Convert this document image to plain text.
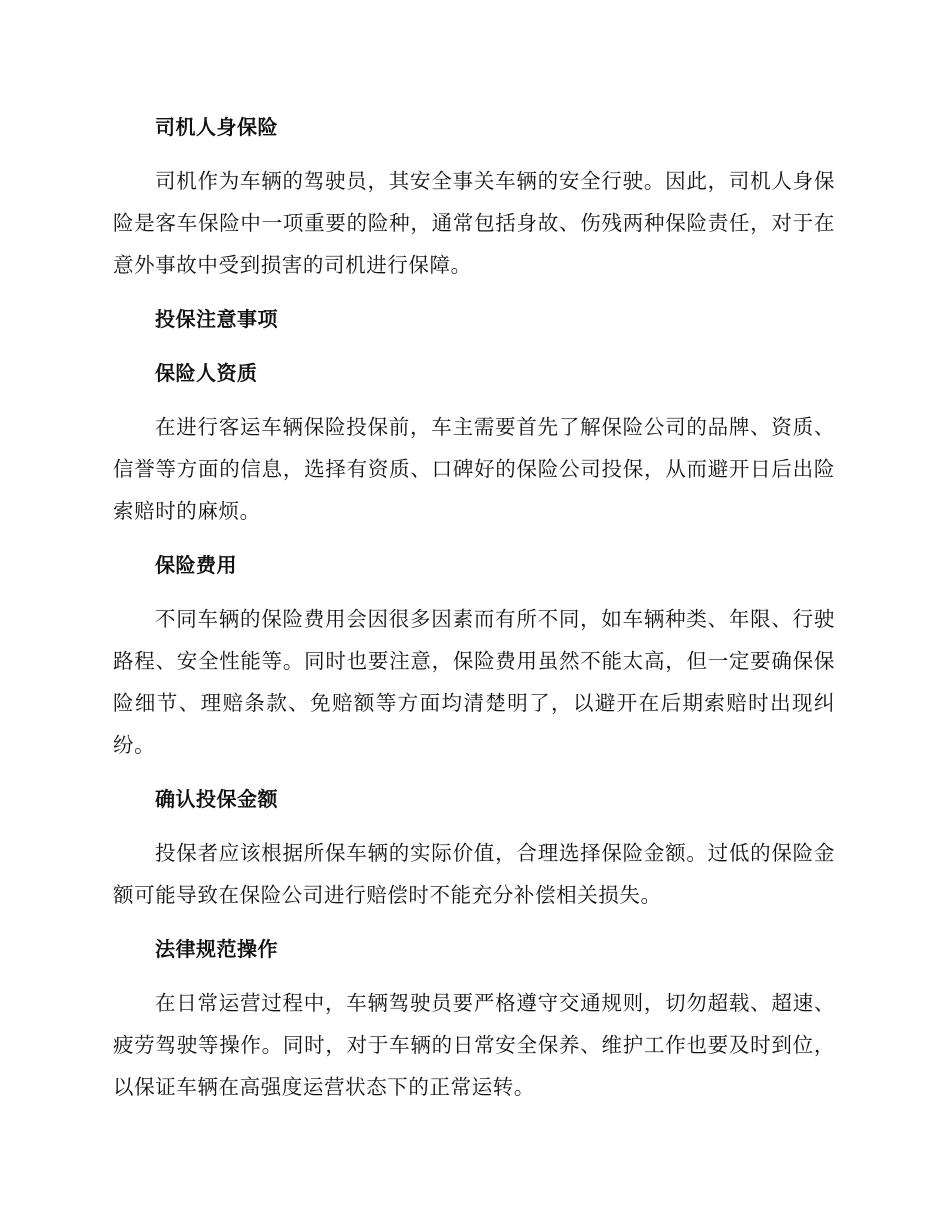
司机人身保险

司机作为车辆的驾驶员，其安全事关车辆的安全行驶。因此，司机人身保险是客车保险中一项重要的险种，通常包括身故、伤残两种保险责任，对于在意外事故中受到损害的司机进行保障。

投保注意事项
保险人资质

在进行客运车辆保险投保前，车主需要首先了解保险公司的品牌、资质、信誉等方面的信息，选择有资质、口碑好的保险公司投保，从而避开日后出险索赔时的麻烦。

保险费用

不同车辆的保险费用会因很多因素而有所不同，如车辆种类、年限、行驶路程、安全性能等。同时也要注意，保险费用虽然不能太高，但一定要确保保险细节、理赔条款、免赔额等方面均清楚明了，以避开在后期索赔时出现纠纷。

确认投保金额

投保者应该根据所保车辆的实际价值，合理选择保险金额。过低的保险金额可能导致在保险公司进行赔偿时不能充分补偿相关损失。

法律规范操作

在日常运营过程中，车辆驾驶员要严格遵守交通规则，切勿超载、超速、疲劳驾驶等操作。同时，对于车辆的日常安全保养、维护工作也要及时到位，以保证车辆在高强度运营状态下的正常运转。
